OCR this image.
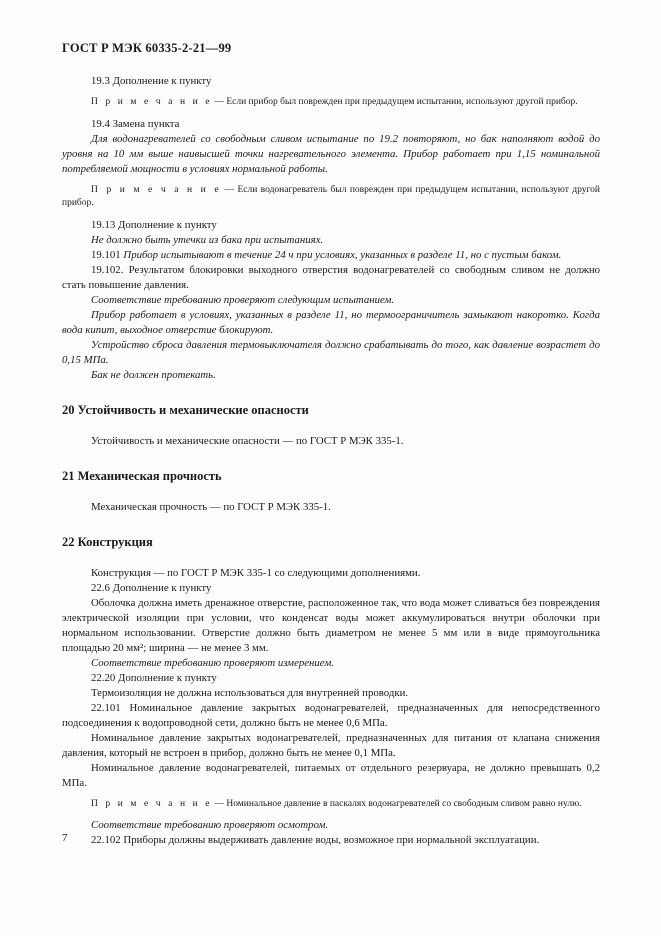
ГОСТ Р МЭК 60335-2-21—99

19.3 Дополнение к пункту

П р и м е ч а н и е — Если прибор был поврежден при предыдущем испытании, используют другой прибор.

19.4 Замена пункта

Для водонагревателей со свободным сливом испытание по 19.2 повторяют, но бак наполняют водой до уровня на 10 мм выше наивысшей точки нагревательного элемента. Прибор работает при 1,15 номинальной потребляемой мощности в условиях нормальной работы.

П р и м е ч а н и е — Если водонагреватель был поврежден при предыдущем испытании, используют другой прибор.

19.13 Дополнение к пункту

Не должно быть утечки из бака при испытаниях.

19.101 Прибор испытывают в течение 24 ч при условиях, указанных в разделе 11, но с пустым баком.

19.102. Результатом блокировки выходного отверстия водонагревателей со свободным сливом не должно стать повышение давления.

Соответствие требованию проверяют следующим испытанием.

Прибор работает в условиях, указанных в разделе 11, но термоограничитель замыкают накоротко. Когда вода кипит, выходное отверстие блокируют.

Устройство сброса давления термовыключателя должно срабатывать до того, как давление возрастет до 0,15 МПа.

Бак не должен протекать.

20 Устойчивость и механические опасности

Устойчивость и механические опасности — по ГОСТ Р МЭК 335-1.

21 Механическая прочность

Механическая прочность — по ГОСТ Р МЭК 335-1.

22 Конструкция

Конструкция — по ГОСТ Р МЭК 335-1 со следующими дополнениями.

22.6 Дополнение к пункту

Оболочка должна иметь дренажное отверстие, расположенное так, что вода может сливаться без повреждения электрической изоляции при условии, что конденсат воды может аккумулироваться внутри оболочки при нормальном использовании. Отверстие должно быть диаметром не менее 5 мм или в виде прямоугольника площадью 20 мм²; ширина — не менее 3 мм.

Соответствие требованию проверяют измерением.

22.20 Дополнение к пункту

Термоизоляция не должна использоваться для внутренней проводки.

22.101 Номинальное давление закрытых водонагревателей, предназначенных для непосредственного подсоединения к водопроводной сети, должно быть не менее 0,6 МПа.

Номинальное давление закрытых водонагревателей, предназначенных для питания от клапана снижения давления, который не встроен в прибор, должно быть не менее 0,1 МПа.

Номинальное давление водонагревателей, питаемых от отдельного резервуара, не должно превышать 0,2 МПа.

П р и м е ч а н и е — Номинальное давление в паскалях водонагревателей со свободным сливом равно нулю.

Соответствие требованию проверяют осмотром.

22.102 Приборы должны выдерживать давление воды, возможное при нормальной эксплуатации.

7
